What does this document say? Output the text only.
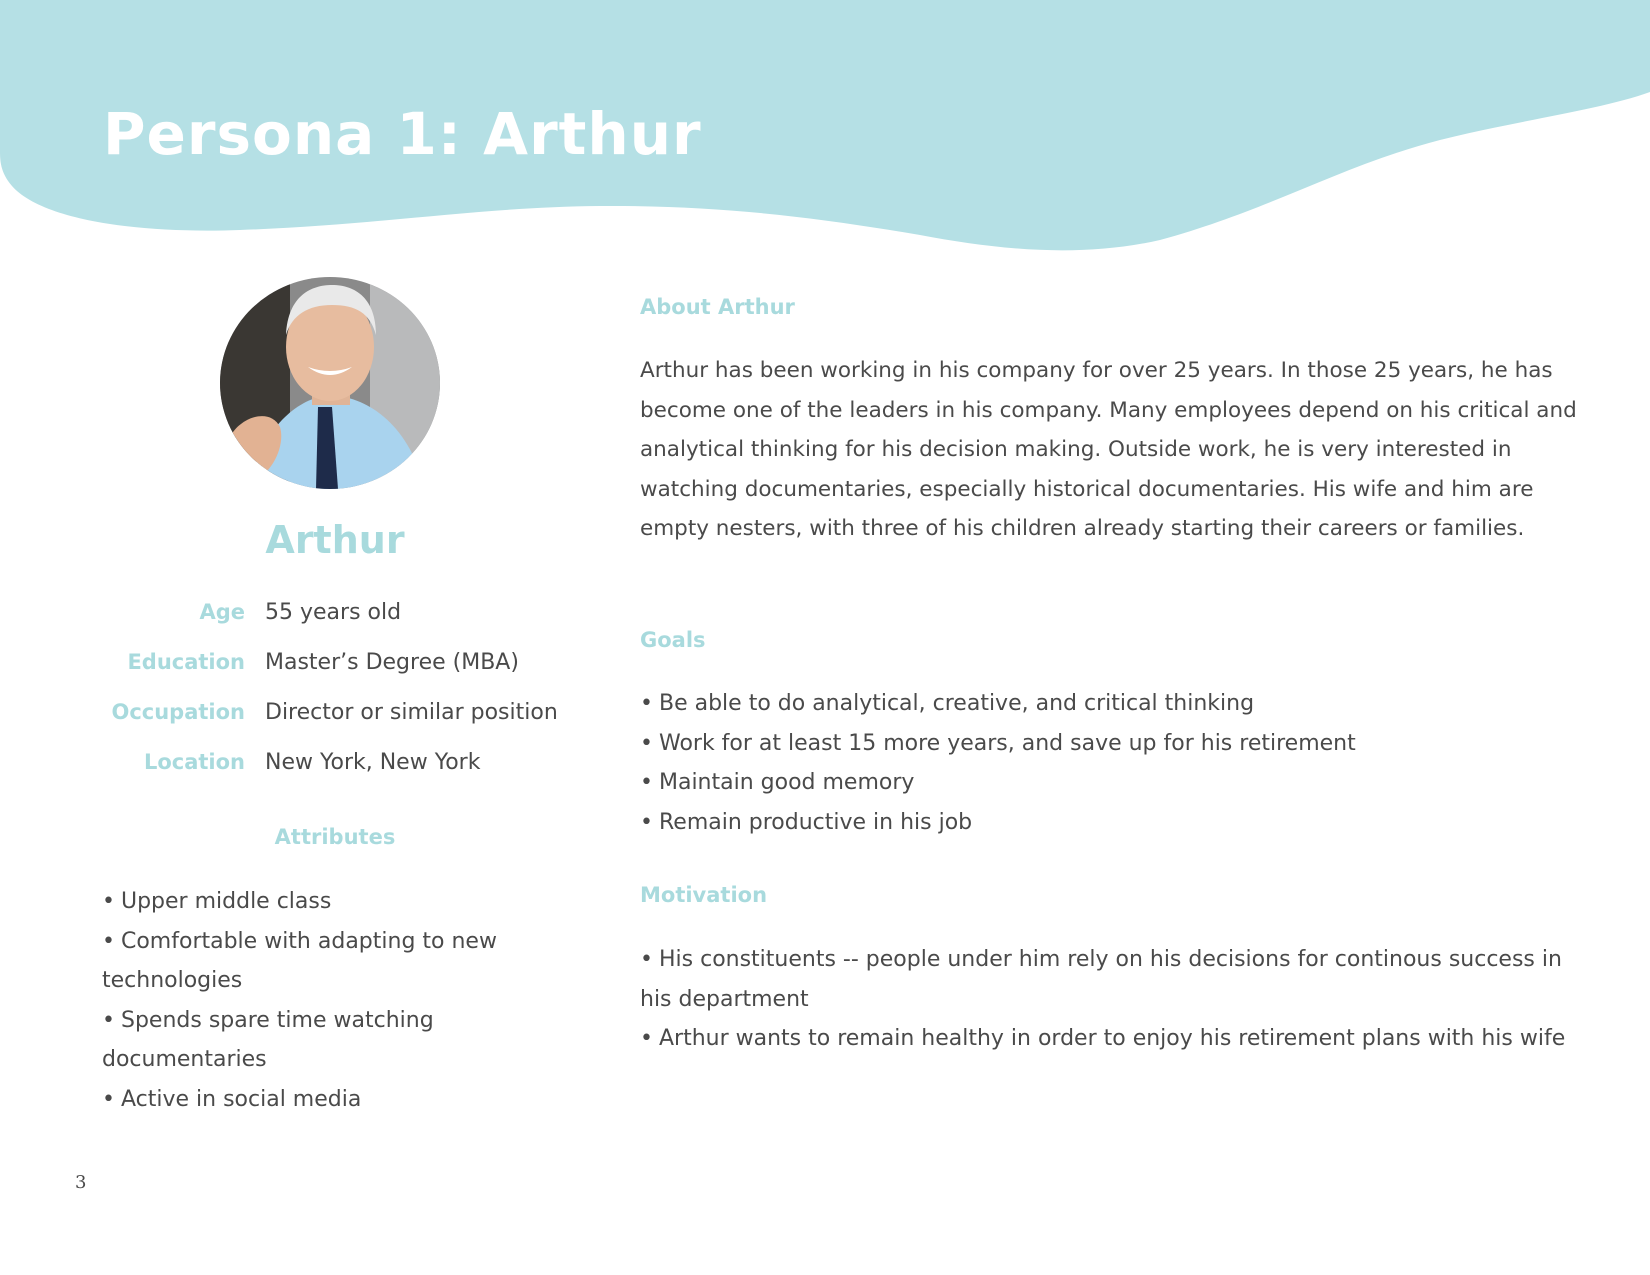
Persona 1: Arthur
Arthur
Age 55 years old
Education Master’s Degree (MBA)
Occupation Director or similar position
Location New York, New York
Attributes
• Upper middle class
• Comfortable with adapting to new technologies
• Spends spare time watching documentaries
• Active in social media
About Arthur

Arthur has been working in his company for over 25 years. In those 25 years, he has become one of the leaders in his company. Many employees depend on his critical and analytical thinking for his decision making. Outside work, he is very interested in watching documentaries, especially historical documentaries. His wife and him are empty nesters, with three of his children already starting their careers or families.

Goals
• Be able to do analytical, creative, and critical thinking
• Work for at least 15 more years, and save up for his retirement
• Maintain good memory
• Remain productive in his job
Motivation
• His constituents -- people under him rely on his decisions for continous success in his department
• Arthur wants to remain healthy in order to enjoy his retirement plans with his wife
3
